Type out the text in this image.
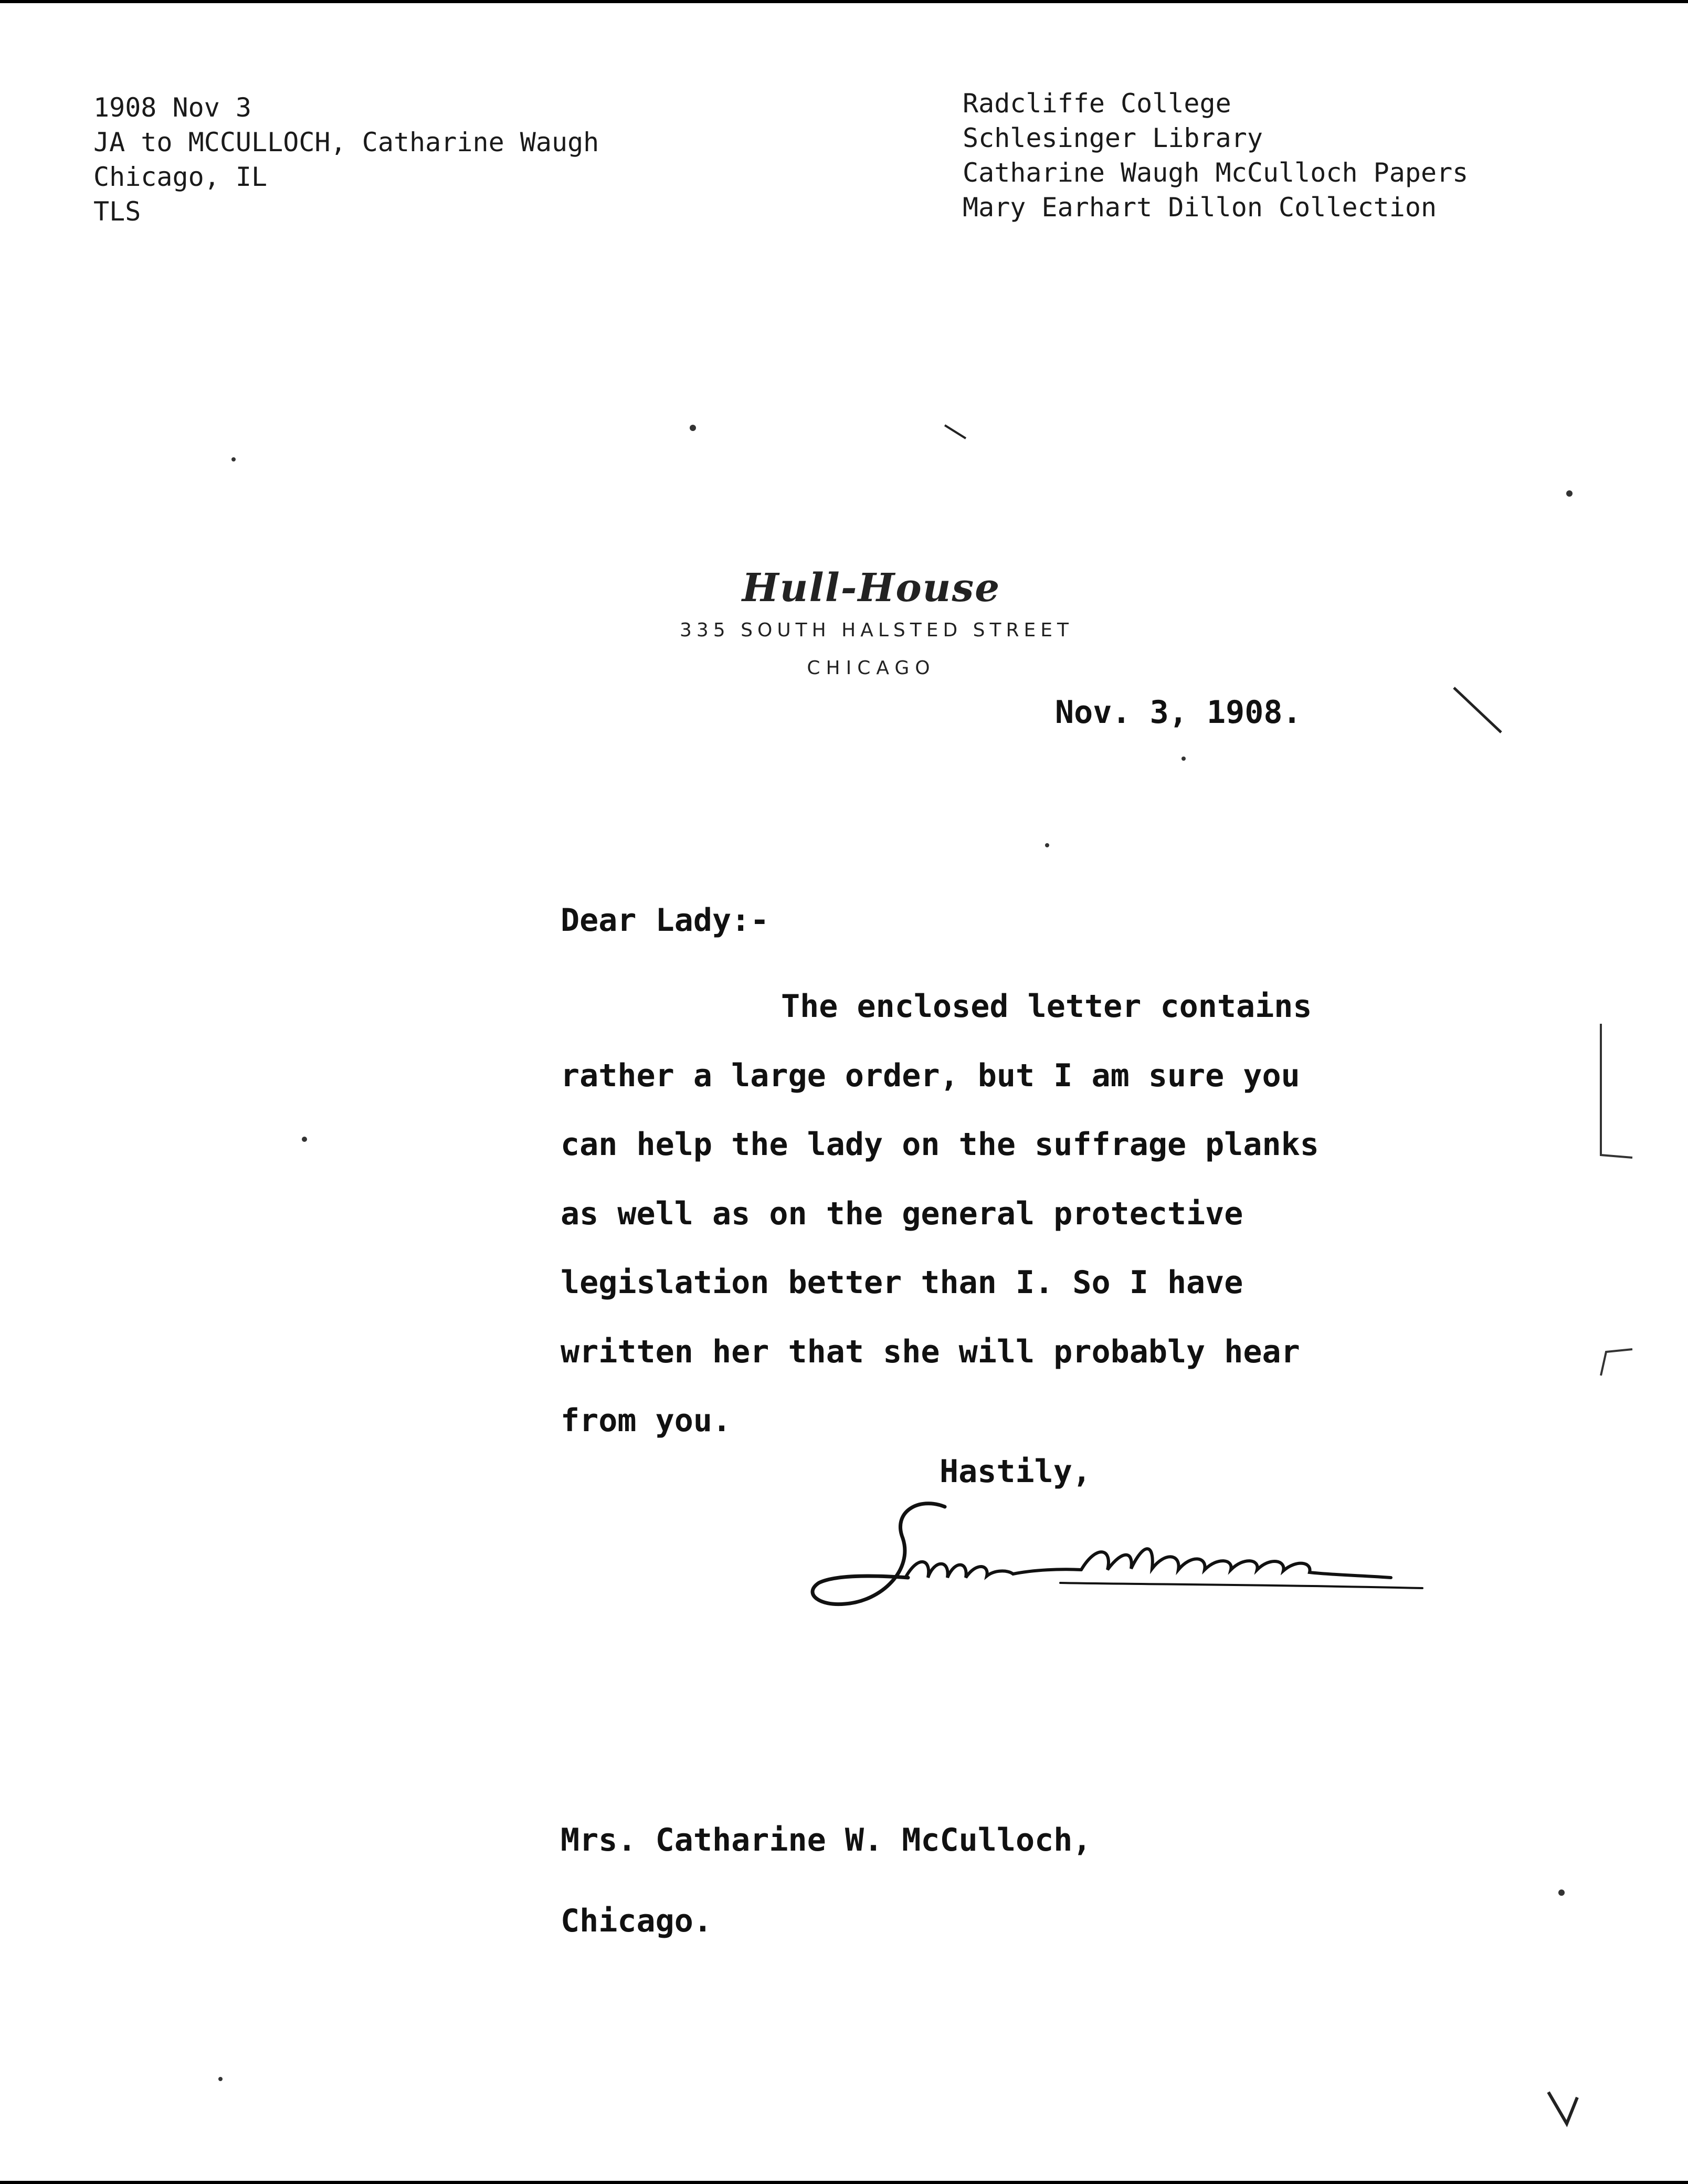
1908 Nov 3
JA to MCCULLOCH, Catharine Waugh
Chicago, IL
TLS
Radcliffe College
Schlesinger Library
Catharine Waugh McCulloch Papers
Mary Earhart Dillon Collection
Hull-House
335 SOUTH HALSTED STREET
CHICAGO
Nov. 3, 1908.
Dear Lady:-
The enclosed letter contains
rather a large order, but I am sure you
can help the lady on the suffrage planks
as well as on the general protective
legislation better than I. So I have
written her that she will probably hear
from you.
Hastily,
Mrs. Catharine W. McCulloch,
Chicago.
